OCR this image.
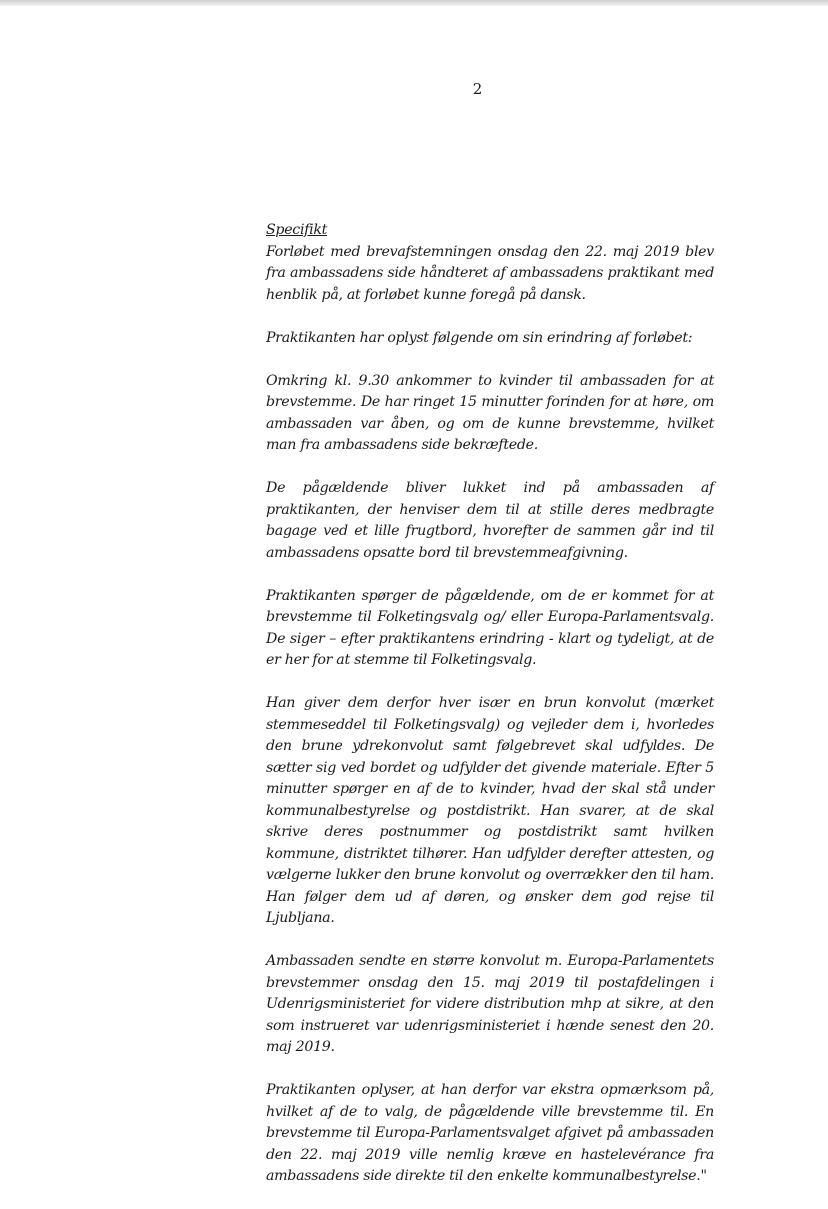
2
Specifikt
Forløbet med brevafstemningen onsdag den 22. maj 2019 blev fra ambassadens side håndteret af ambassadens praktikant med henblik på, at forløbet kunne foregå på dansk.

Praktikanten har oplyst følgende om sin erindring af forløbet:

Omkring kl. 9.30 ankommer to kvinder til ambassaden for at brevstemme. De har ringet 15 minutter forinden for at høre, om ambassaden var åben, og om de kunne brevstemme, hvilket man fra ambassadens side bekræftede.

De pågældende bliver lukket ind på ambassaden af praktikanten, der henviser dem til at stille deres medbragte bagage ved et lille frugtbord, hvorefter de sammen går ind til ambassadens opsatte bord til brevstemmeafgivning.

Praktikanten spørger de pågældende, om de er kommet for at brevstemme til Folketingsvalg og/ eller Europa-Parlamentsvalg. De siger – efter praktikantens erindring - klart og tydeligt, at de er her for at stemme til Folketingsvalg.

Han giver dem derfor hver især en brun konvolut (mærket stemmeseddel til Folketingsvalg) og vejleder dem i, hvorledes den brune ydrekonvolut samt følgebrevet skal udfyldes. De sætter sig ved bordet og udfylder det givende materiale. Efter 5 minutter spørger en af de to kvinder, hvad der skal stå under kommunalbestyrelse og postdistrikt. Han svarer, at de skal skrive deres postnummer og postdistrikt samt hvilken kommune, distriktet tilhører. Han udfylder derefter attesten, og vælgerne lukker den brune konvolut og overrækker den til ham. Han følger dem ud af døren, og ønsker dem god rejse til Ljubljana.

Ambassaden sendte en større konvolut m. Europa-Parlamentets brevstemmer onsdag den 15. maj 2019 til postafdelingen i Udenrigsministeriet for videre distribution mhp at sikre, at den som instrueret var udenrigsministeriet i hænde senest den 20. maj 2019.

Praktikanten oplyser, at han derfor var ekstra opmærksom på, hvilket af de to valg, de pågældende ville brevstemme til. En brevstemme til Europa-Parlamentsvalget afgivet på ambassaden den 22. maj 2019 ville nemlig kræve en hastelevérance fra ambassadens side direkte til den enkelte kommunalbestyrelse."
